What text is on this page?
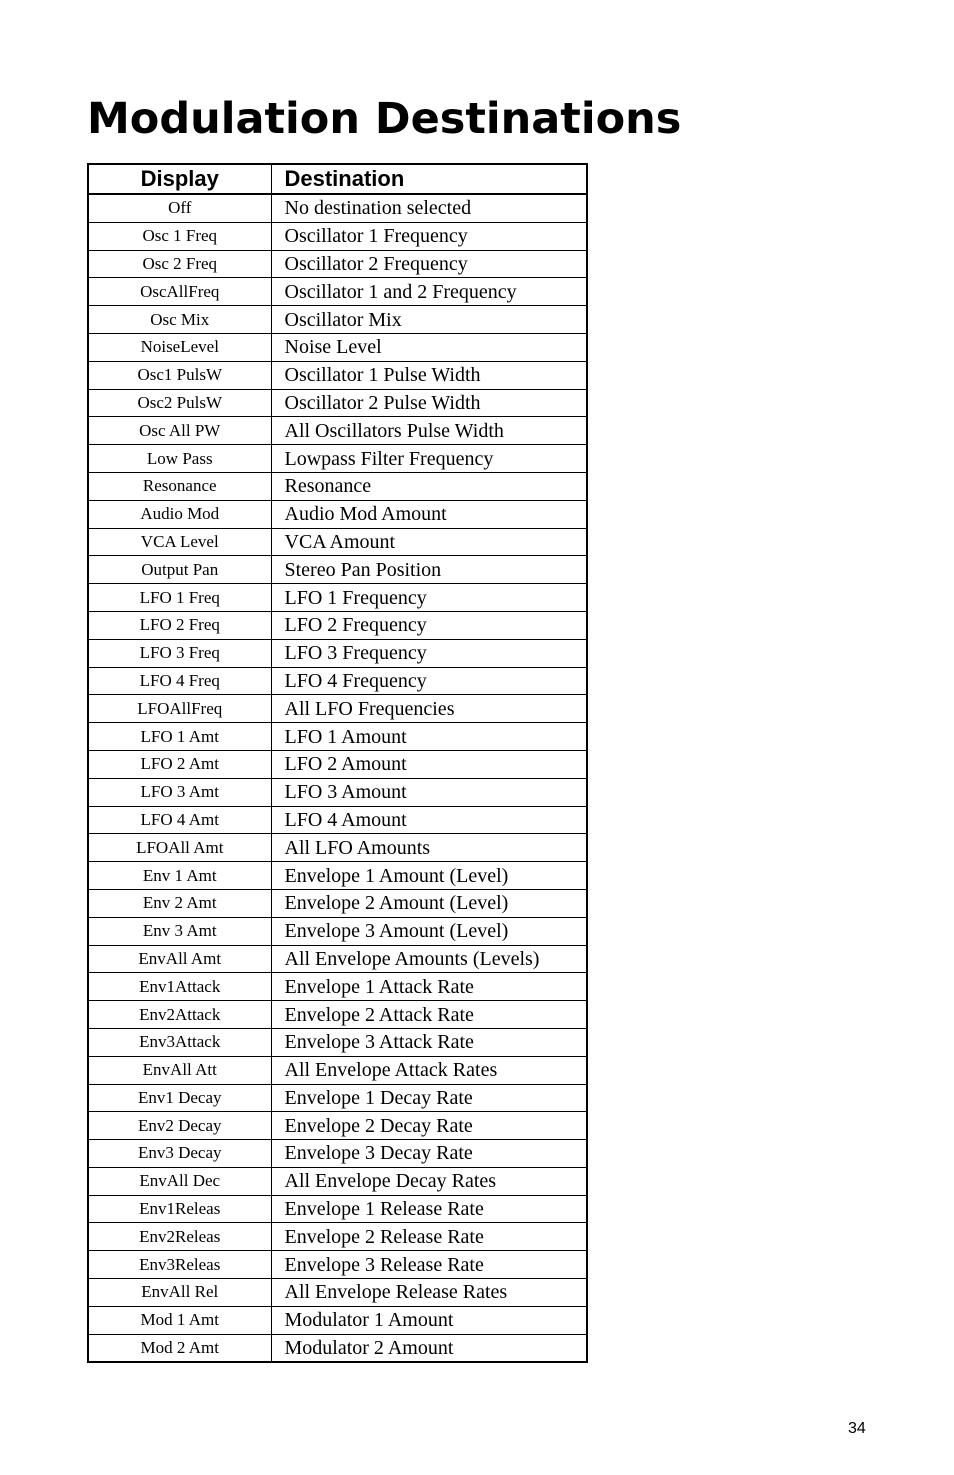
Modulation Destinations
Display	Destination
Off	No destination selected
Osc 1 Freq	Oscillator 1 Frequency
Osc 2 Freq	Oscillator 2 Frequency
OscAllFreq	Oscillator 1 and 2 Frequency
Osc Mix	Oscillator Mix
NoiseLevel	Noise Level
Osc1 PulsW	Oscillator 1 Pulse Width
Osc2 PulsW	Oscillator 2 Pulse Width
Osc All PW	All Oscillators Pulse Width
Low Pass	Lowpass Filter Frequency
Resonance	Resonance
Audio Mod	Audio Mod Amount
VCA Level	VCA Amount
Output Pan	Stereo Pan Position
LFO 1 Freq	LFO 1 Frequency
LFO 2 Freq	LFO 2 Frequency
LFO 3 Freq	LFO 3 Frequency
LFO 4 Freq	LFO 4 Frequency
LFOAllFreq	All LFO Frequencies
LFO 1 Amt	LFO 1 Amount
LFO 2 Amt	LFO 2 Amount
LFO 3 Amt	LFO 3 Amount
LFO 4 Amt	LFO 4 Amount
LFOAll Amt	All LFO Amounts
Env 1 Amt	Envelope 1 Amount (Level)
Env 2 Amt	Envelope 2 Amount (Level)
Env 3 Amt	Envelope 3 Amount (Level)
EnvAll Amt	All Envelope Amounts (Levels)
Env1Attack	Envelope 1 Attack Rate
Env2Attack	Envelope 2 Attack Rate
Env3Attack	Envelope 3 Attack Rate
EnvAll Att	All Envelope Attack Rates
Env1 Decay	Envelope 1 Decay Rate
Env2 Decay	Envelope 2 Decay Rate
Env3 Decay	Envelope 3 Decay Rate
EnvAll Dec	All Envelope Decay Rates
Env1Releas	Envelope 1 Release Rate
Env2Releas	Envelope 2 Release Rate
Env3Releas	Envelope 3 Release Rate
EnvAll Rel	All Envelope Release Rates
Mod 1 Amt	Modulator 1 Amount
Mod 2 Amt	Modulator 2 Amount
34
